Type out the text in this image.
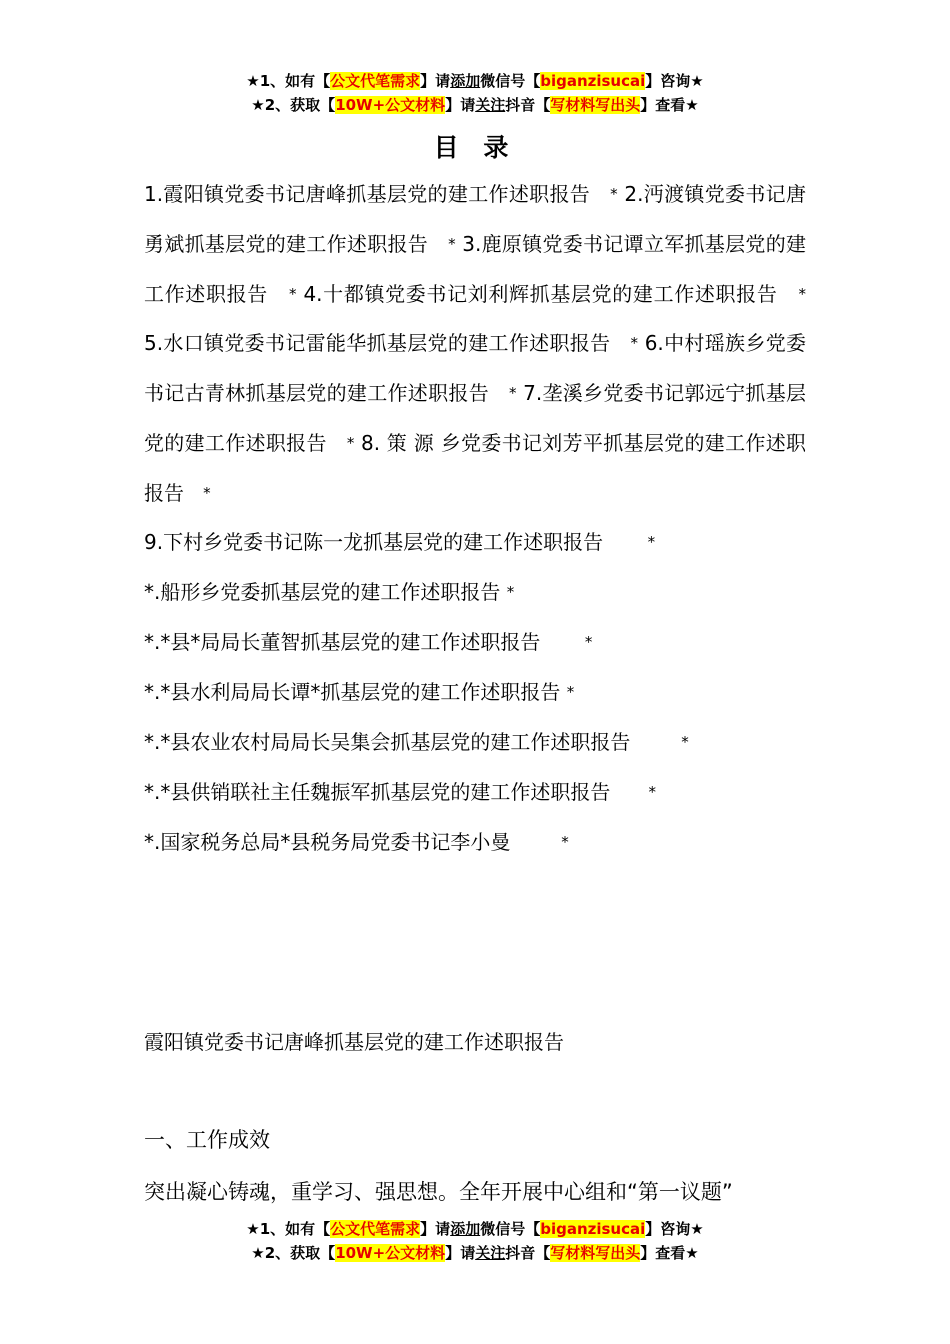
★1、如有【公文代笔需求】请添加微信号【biganzisucai】咨询★
★2、获取【10W+公文材料】请关注抖音【写材料写出头】查看★
目 录
1.霞阳镇党委书记唐峰抓基层党的建工作述职报告 * 2.沔渡镇党委书记唐勇斌抓基层党的建工作述职报告 * 3.鹿原镇党委书记谭立军抓基层党的建工作述职报告 * 4.十都镇党委书记刘利辉抓基层党的建工作述职报告 * 5.水口镇党委书记雷能华抓基层党的建工作述职报告 * 6.中村瑶族乡党委书记古青林抓基层党的建工作述职报告 * 7.垄溪乡党委书记郭远宁抓基层党的建工作述职报告 * 8. 策 源 乡党委书记刘芳平抓基层党的建工作述职报告 *
9.下村乡党委书记陈一龙抓基层党的建工作述职报告	*
*.船形乡党委抓基层党的建工作述职报告 *
*.*县*局局长董智抓基层党的建工作述职报告	*
*.*县水利局局长谭*抓基层党的建工作述职报告 *
*.*县农业农村局局长吴集会抓基层党的建工作述职报告	*
*.*县供销联社主任魏振军抓基层党的建工作述职报告	*
*.国家税务总局*县税务局党委书记李小曼	*
霞阳镇党委书记唐峰抓基层党的建工作述职报告
一、工作成效
突出凝心铸魂，重学习、强思想。全年开展中心组和“第一议题”
★1、如有【公文代笔需求】请添加微信号【biganzisucai】咨询★
★2、获取【10W+公文材料】请关注抖音【写材料写出头】查看★
